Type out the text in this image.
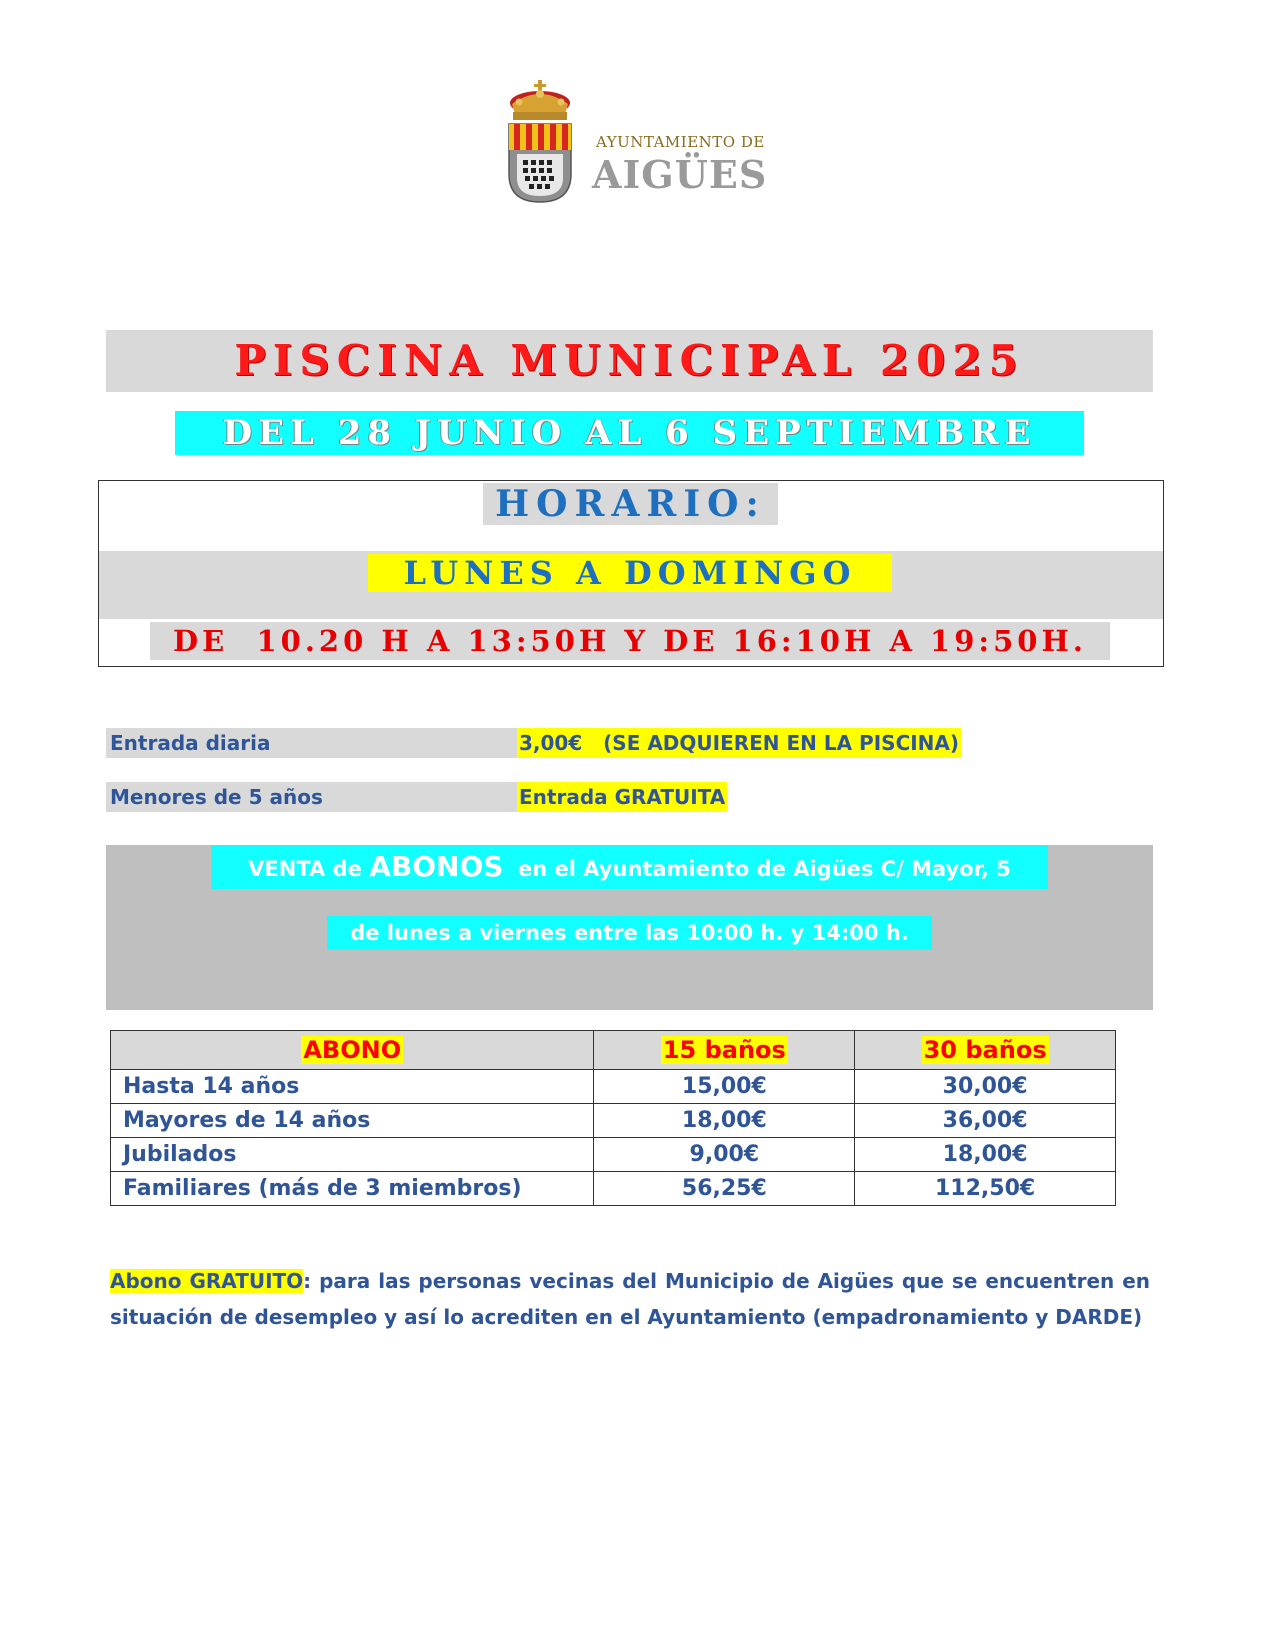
AYUNTAMIENTO DE
AIGÜES
PISCINA MUNICIPAL 2025
DEL 28 JUNIO AL 6 SEPTIEMBRE
HORARIO:
LUNES A DOMINGO
DE  10.20 H A 13:50H Y DE 16:10H A 19:50H.
Entrada diaria	3,00€   (SE ADQUIEREN EN LA PISCINA)
Menores de 5 años	Entrada GRATUITA
VENTA de ABONOS  en el Ayuntamiento de Aigües C/ Mayor, 5
de lunes a viernes entre las 10:00 h. y 14:00 h.
ABONO	15 baños	30 baños
Hasta 14 años	15,00€	30,00€
Mayores de 14 años	18,00€	36,00€
Jubilados	9,00€	18,00€
Familiares (más de 3 miembros)	56,25€	112,50€
Abono GRATUITO: para las personas vecinas del Municipio de Aigües que se encuentren en situación de desempleo y así lo acrediten en el Ayuntamiento (empadronamiento y DARDE)
